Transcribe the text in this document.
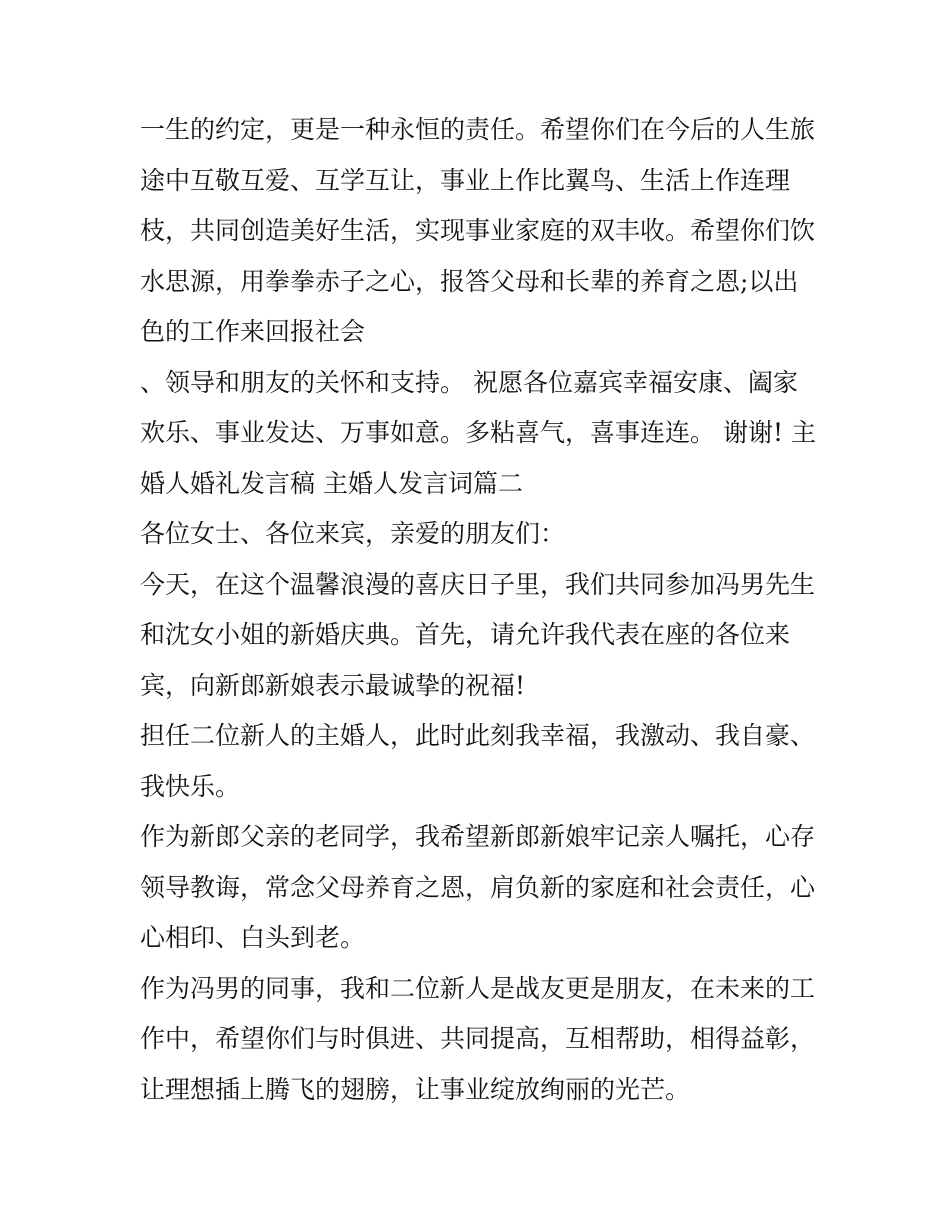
一生的约定，更是一种永恒的责任。希望你们在今后的人生旅

途中互敬互爱、互学互让，事业上作比翼鸟、生活上作连理

枝，共同创造美好生活，实现事业家庭的双丰收。希望你们饮

水思源，用拳拳赤子之心，报答父母和长辈的养育之恩;以出

色的工作来回报社会

、领导和朋友的关怀和支持。 祝愿各位嘉宾幸福安康、阖家

欢乐、事业发达、万事如意。多粘喜气，喜事连连。 谢谢! 主

婚人婚礼发言稿 主婚人发言词篇二

各位女士、各位来宾，亲爱的朋友们：

今天，在这个温馨浪漫的喜庆日子里，我们共同参加冯男先生

和沈女小姐的新婚庆典。首先，请允许我代表在座的各位来

宾，向新郎新娘表示最诚挚的祝福!

担任二位新人的主婚人，此时此刻我幸福，我激动、我自豪、

我快乐。

作为新郎父亲的老同学，我希望新郎新娘牢记亲人嘱托，心存

领导教诲，常念父母养育之恩，肩负新的家庭和社会责任，心

心相印、白头到老。

作为冯男的同事，我和二位新人是战友更是朋友，在未来的工

作中，希望你们与时俱进、共同提高，互相帮助，相得益彰，

让理想插上腾飞的翅膀，让事业绽放绚丽的光芒。
